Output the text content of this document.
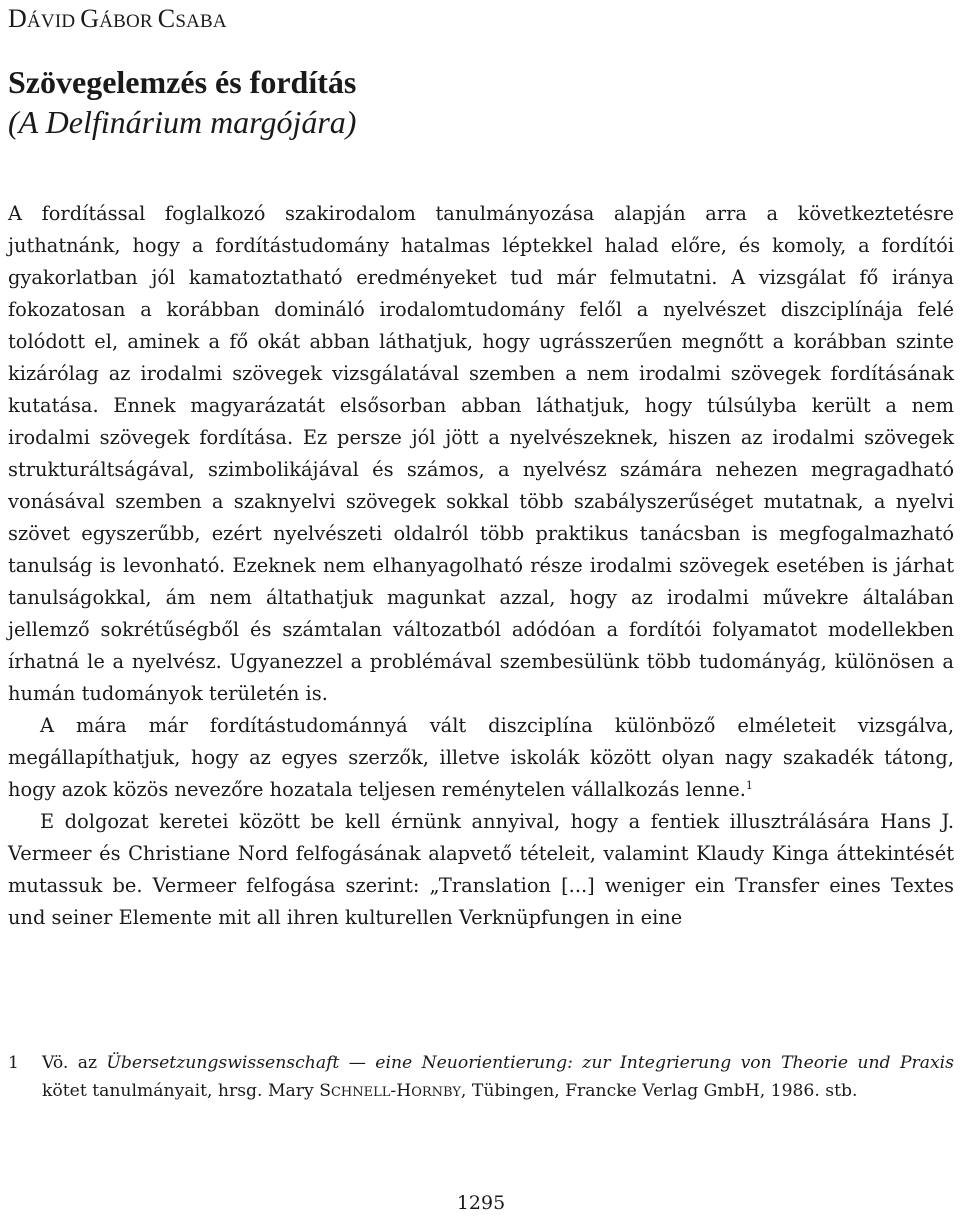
DÁVID GÁBOR CSABA
Szövegelemzés és fordítás
(A Delfinárium margójára)

A fordítással foglalkozó szakirodalom tanulmányozása alapján arra a következtetésre juthatnánk, hogy a fordítástudomány hatalmas léptekkel halad előre, és komoly, a fordítói gyakorlatban jól kamatoztatható eredményeket tud már felmutatni. A vizsgálat fő iránya fokozatosan a korábban domináló irodalomtudomány felől a nyelvészet diszciplínája felé tolódott el, aminek a fő okát abban láthatjuk, hogy ugrásszerűen megnőtt a korábban szinte kizárólag az irodalmi szövegek vizsgálatával szemben a nem irodalmi szövegek fordításának kutatása. Ennek magyarázatát elsősorban abban láthatjuk, hogy túlsúlyba került a nem irodalmi szövegek fordítása. Ez persze jól jött a nyelvészeknek, hiszen az irodalmi szövegek strukturáltságával, szimbolikájával és számos, a nyelvész számára nehezen megragadható vonásával szemben a szaknyelvi szövegek sokkal több szabályszerűséget mutatnak, a nyelvi szövet egyszerűbb, ezért nyelvészeti oldalról több praktikus tanácsban is megfogalmazható tanulság is levonható. Ezeknek nem elhanyagolható része irodalmi szövegek esetében is járhat tanulságokkal, ám nem áltathatjuk magunkat azzal, hogy az irodalmi művekre általában jellemző sokrétűségből és számtalan változatból adódóan a fordítói folyamatot modellekben írhatná le a nyelvész. Ugyanezzel a problémával szembesülünk több tudományág, különösen a humán tudományok területén is.

A mára már fordítástudománnyá vált diszciplína különböző elméleteit vizsgálva, megállapíthatjuk, hogy az egyes szerzők, illetve iskolák között olyan nagy szakadék tátong, hogy azok közös nevezőre hozatala teljesen reménytelen vállalkozás lenne.$^1$

E dolgozat keretei között be kell érnünk annyival, hogy a fentiek illusztrálására Hans J. Vermeer és Christiane Nord felfogásának alapvető tételeit, valamint Klaudy Kinga áttekintését mutassuk be. Vermeer felfogása szerint: „Translation [...] weniger ein Transfer eines Textes und seiner Elemente mit all ihren kulturellen Verknüpfungen in eine

1	Vö. az Übersetzungswissenschaft — eine Neuorientierung: zur Integrierung von Theorie und Praxis kötet tanulmányait, hrsg. Mary SCHNELL-HORNBY, Tübingen, Francke Verlag GmbH, 1986. stb.
1295
